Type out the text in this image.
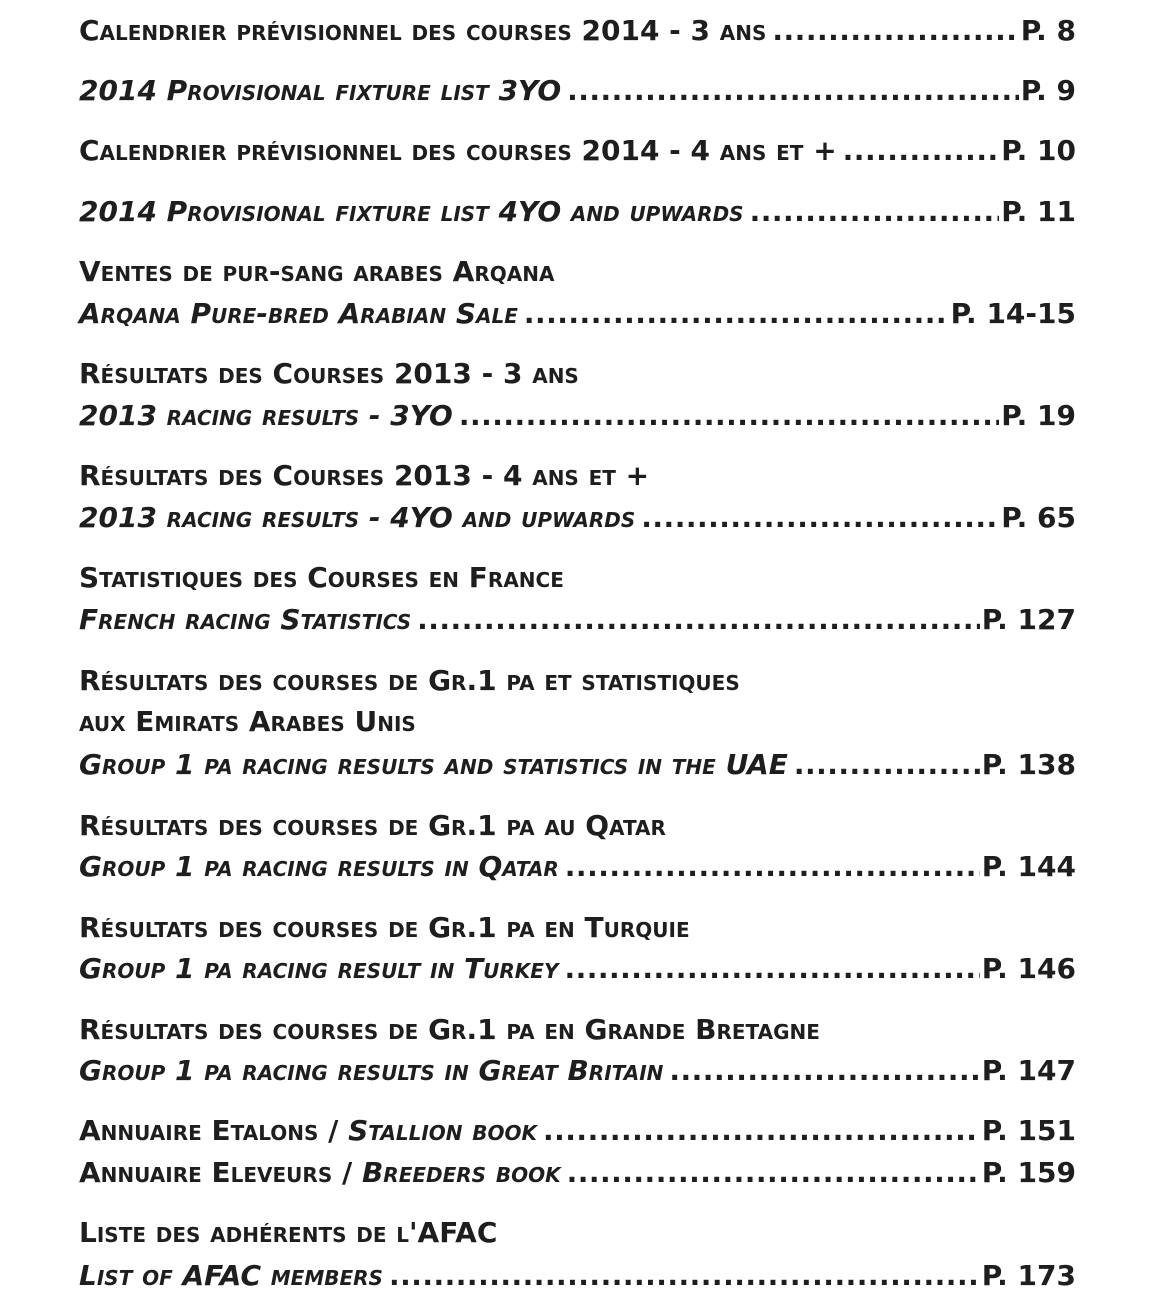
Calendrier prévisionnel des courses 2014 - 3 ans .....	P. 8
2014 Provisional fixture list 3YO .....	P. 9
Calendrier prévisionnel des courses 2014 - 4 ans et + .....	P. 10
2014 Provisional fixture list 4YO and upwards .....	P. 11
Ventes de pur-sang arabes Arqana
Arqana Pure-bred Arabian Sale .....	P. 14-15
Résultats des Courses 2013 - 3 ans
2013 racing results - 3YO .....	P. 19
Résultats des Courses 2013 - 4 ans et +
2013 racing results - 4YO and upwards .....	P. 65
Statistiques des Courses en France
French racing Statistics .....	P. 127
Résultats des courses de Gr.1 pa et statistiques
aux Emirats Arabes Unis
Group 1 pa racing results and statistics in the UAE .....	P. 138
Résultats des courses de Gr.1 pa au Qatar
Group 1 pa racing results in Qatar .....	P. 144
Résultats des courses de Gr.1 pa en Turquie
Group 1 pa racing result in Turkey .....	P. 146
Résultats des courses de Gr.1 pa en Grande Bretagne
Group 1 pa racing results in Great Britain .....	P. 147
Annuaire Etalons / Stallion book .....	P. 151
Annuaire Eleveurs / Breeders book .....	P. 159
Liste des adhérents de l'AFAC
List of AFAC members .....	P. 173
